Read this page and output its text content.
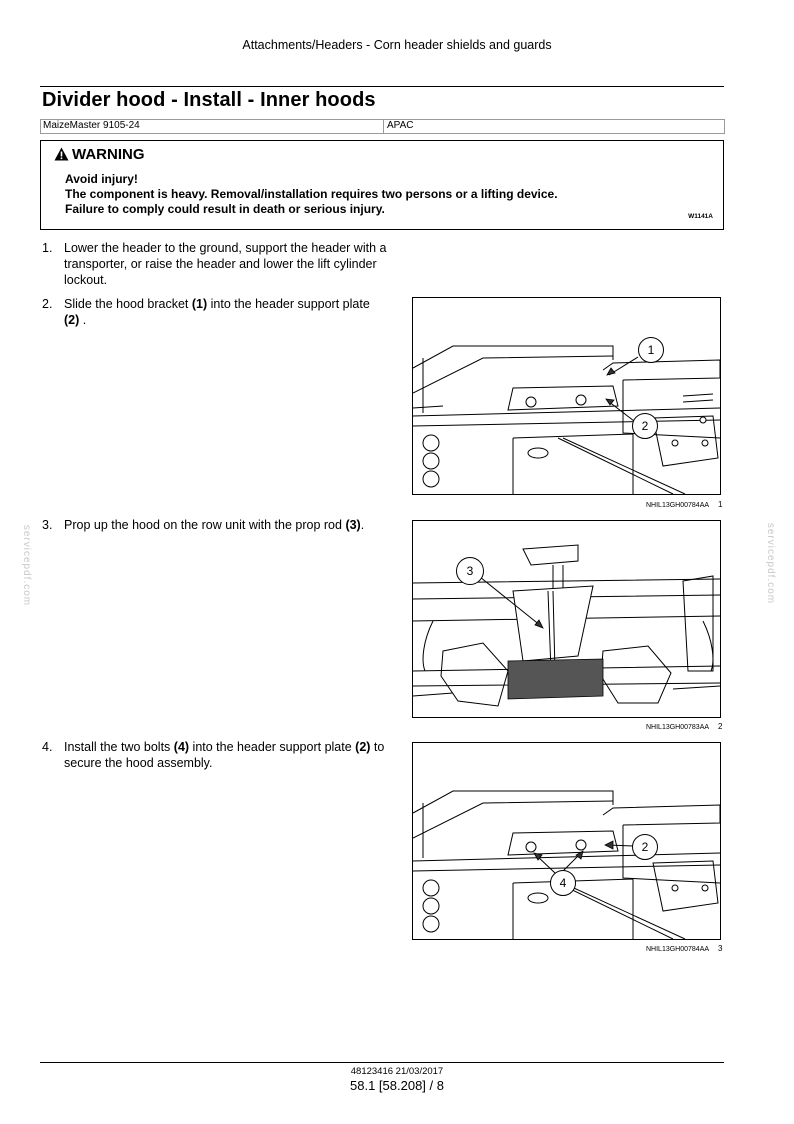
Attachments/Headers - Corn header shields and guards
Divider hood - Install - Inner hoods
MaizeMaster 9105-24	APAC
WARNING
Avoid injury!
The component is heavy. Removal/installation requires two persons or a lifting device.
Failure to comply could result in death or serious injury.
W1141A
1. Lower the header to the ground, support the header with a transporter, or raise the header and lower the lift cylinder lockout.
2. Slide the hood bracket (1) into the header support plate (2) .
3. Prop up the hood on the row unit with the prop rod (3).
4. Install the two bolts (4) into the header support plate (2) to secure the hood assembly.
1
2
NHIL13GH00784AA 1
3
NHIL13GH00783AA 2
2
4
NHIL13GH00784AA 3
servicepdf.com	servicepdf.com
48123416 21/03/2017
58.1 [58.208] / 8
